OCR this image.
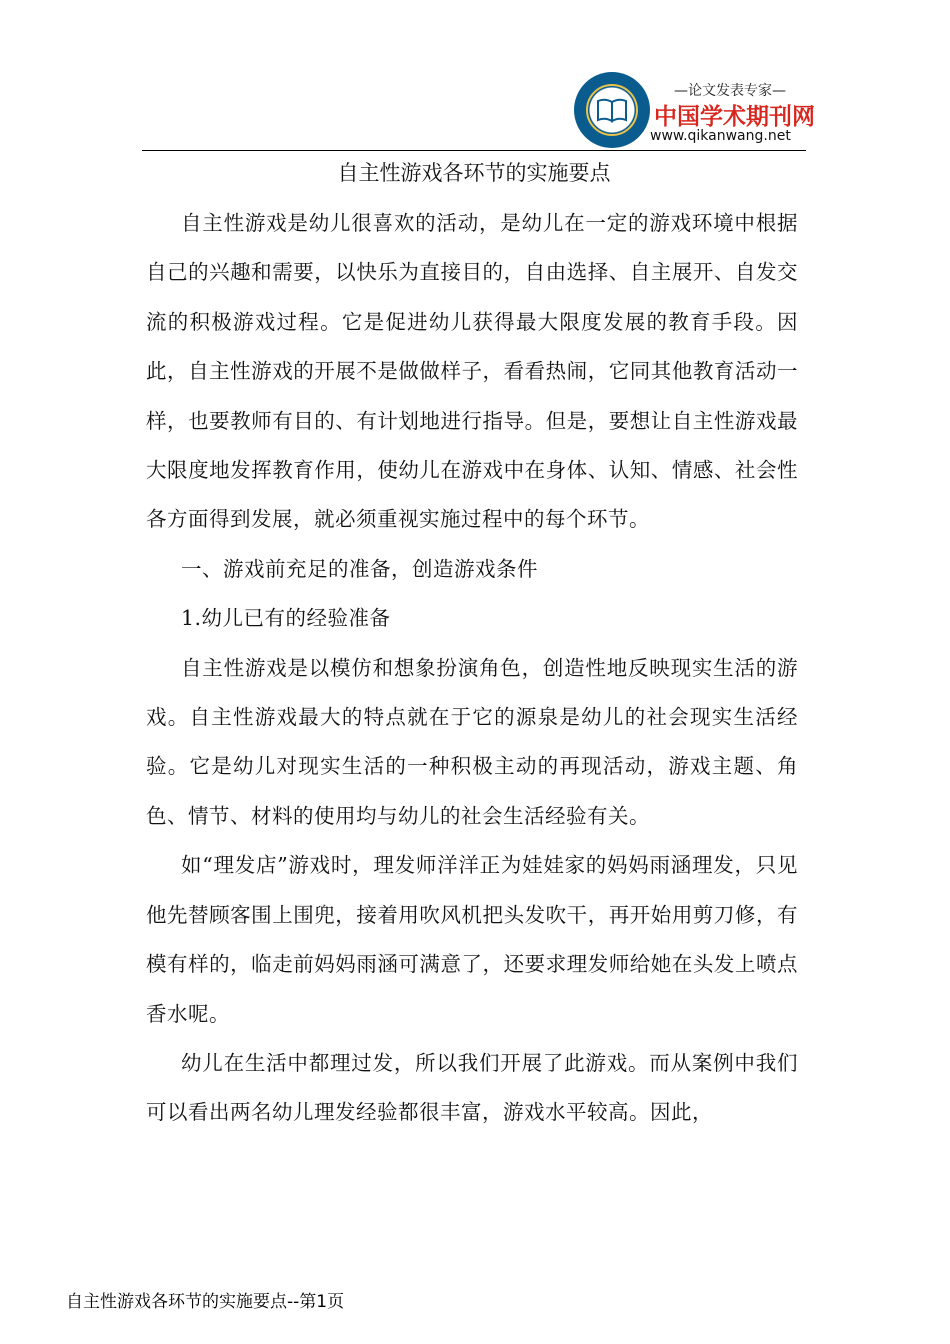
—论文发表专家—
中国学术期刊网
www.qikanwang.net
自主性游戏各环节的实施要点

自主性游戏是幼儿很喜欢的活动，是幼儿在一定的游戏环境中根据自己的兴趣和需要，以快乐为直接目的，自由选择、自主展开、自发交流的积极游戏过程。它是促进幼儿获得最大限度发展的教育手段。因此，自主性游戏的开展不是做做样子，看看热闹，它同其他教育活动一样，也要教师有目的、有计划地进行指导。但是，要想让自主性游戏最大限度地发挥教育作用，使幼儿在游戏中在身体、认知、情感、社会性各方面得到发展，就必须重视实施过程中的每个环节。

一、游戏前充足的准备，创造游戏条件

1.幼儿已有的经验准备

自主性游戏是以模仿和想象扮演角色，创造性地反映现实生活的游戏。自主性游戏最大的特点就在于它的源泉是幼儿的社会现实生活经验。它是幼儿对现实生活的一种积极主动的再现活动，游戏主题、角色、情节、材料的使用均与幼儿的社会生活经验有关。

如“理发店”游戏时，理发师洋洋正为娃娃家的妈妈雨涵理发，只见他先替顾客围上围兜，接着用吹风机把头发吹干，再开始用剪刀修，有模有样的，临走前妈妈雨涵可满意了，还要求理发师给她在头发上喷点香水呢。

幼儿在生活中都理过发，所以我们开展了此游戏。而从案例中我们可以看出两名幼儿理发经验都很丰富，游戏水平较高。因此，

自主性游戏各环节的实施要点--第1页
